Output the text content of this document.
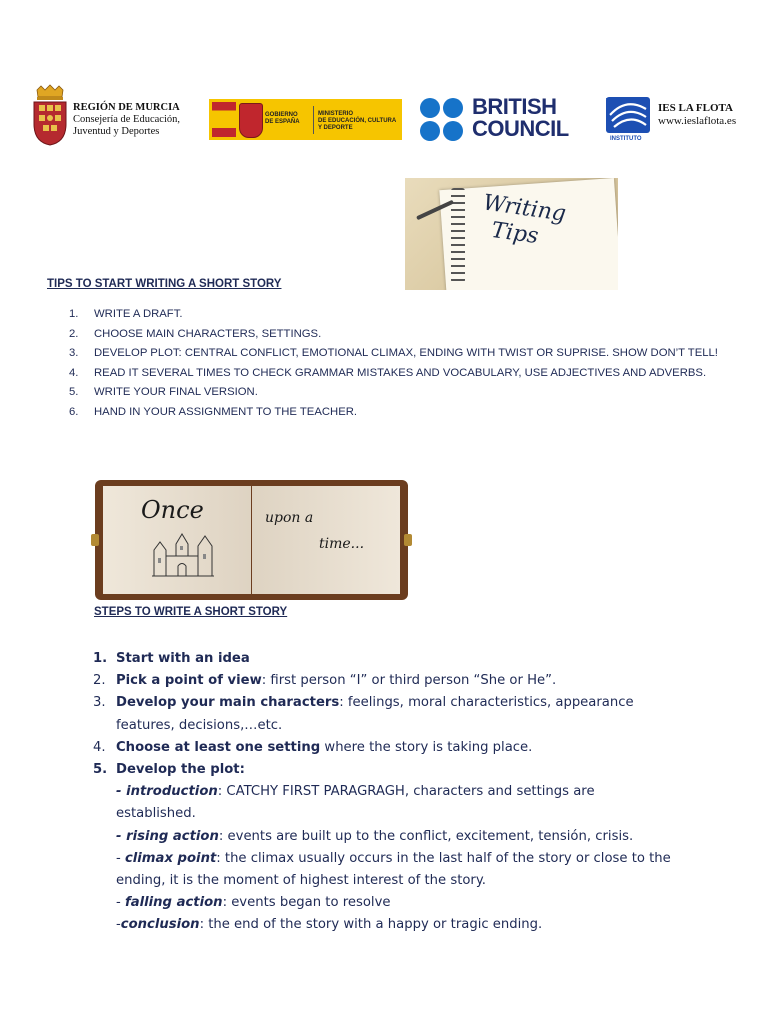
REGIÓN DE MURCIA
Consejería de Educación,
Juventud y Deportes
GOBIERNO
DE ESPAÑA
MINISTERIO
DE EDUCACIÓN, CULTURA
Y DEPORTE
BRITISH
COUNCIL
LA FLOTA
INSTITUTO
IES LA FLOTA
www.ieslaflota.es
Writing
Tips
TIPS TO START WRITING A SHORT STORY
1. WRITE A DRAFT.
2. CHOOSE MAIN CHARACTERS, SETTINGS.
3. DEVELOP PLOT: CENTRAL CONFLICT, EMOTIONAL CLIMAX, ENDING WITH TWIST OR SUPRISE. SHOW DON’T TELL!
4. READ IT SEVERAL TIMES TO CHECK GRAMMAR MISTAKES AND VOCABULARY, USE ADJECTIVES AND ADVERBS.
5. WRITE YOUR FINAL VERSION.
6. HAND IN YOUR ASSIGNMENT TO THE TEACHER.
Once	upon a
time...
STEPS TO WRITE A SHORT STORY
1. Start with an idea
2. Pick a point of view: first person “I” or third person “She or He”.
3. Develop your main characters: feelings, moral characteristics, appearance
features, decisions,…etc.
4. Choose at least one setting where the story is taking place.
5. Develop the plot:
- introduction: CATCHY FIRST PARAGRAGH, characters and settings are
established.
- rising action: events are built up to the conflict, excitement, tensión, crisis.
- climax point: the climax usually occurs in the last half of the story or close to the
ending, it is the moment of highest interest of the story.
- falling action: events began to resolve
-conclusion: the end of the story with a happy or tragic ending.
